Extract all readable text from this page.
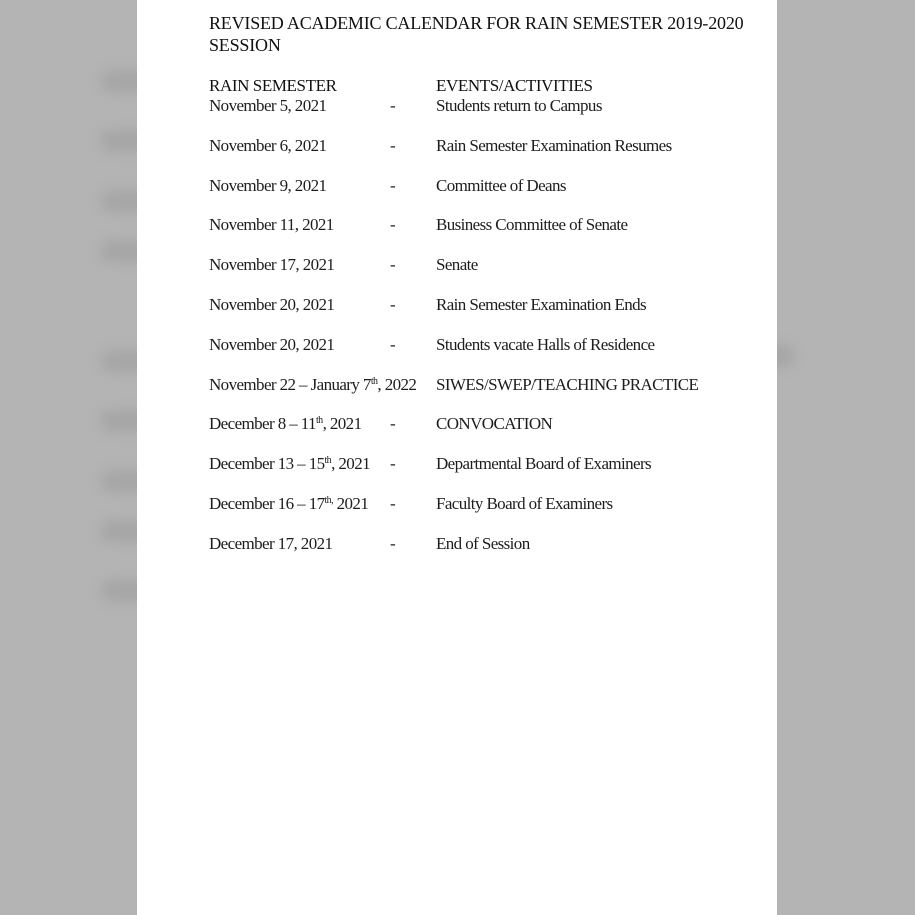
REVISED ACADEMIC CALENDAR FOR RAIN SEMESTER 2019-2020 SESSION
RAIN SEMESTER	EVENTS/ACTIVITIES
November 5, 2021	- Students return to Campus
November 6, 2021	- Rain Semester Examination Resumes
November 9, 2021	- Committee of Deans
November 11, 2021	- Business Committee of Senate
November 17, 2021	- Senate
November 20, 2021	- Rain Semester Examination Ends
November 20, 2021	- Students vacate Halls of Residence
November 22 – January 7th, 2022 SIWES/SWEP/TEACHING PRACTICE
December 8 – 11th, 2021 - CONVOCATION
December 13 – 15th, 2021 - Departmental Board of Examiners
December $16 - 17^{th,}$ 2021 - Faculty Board of Examiners
December 17, 2021	- End of Session
